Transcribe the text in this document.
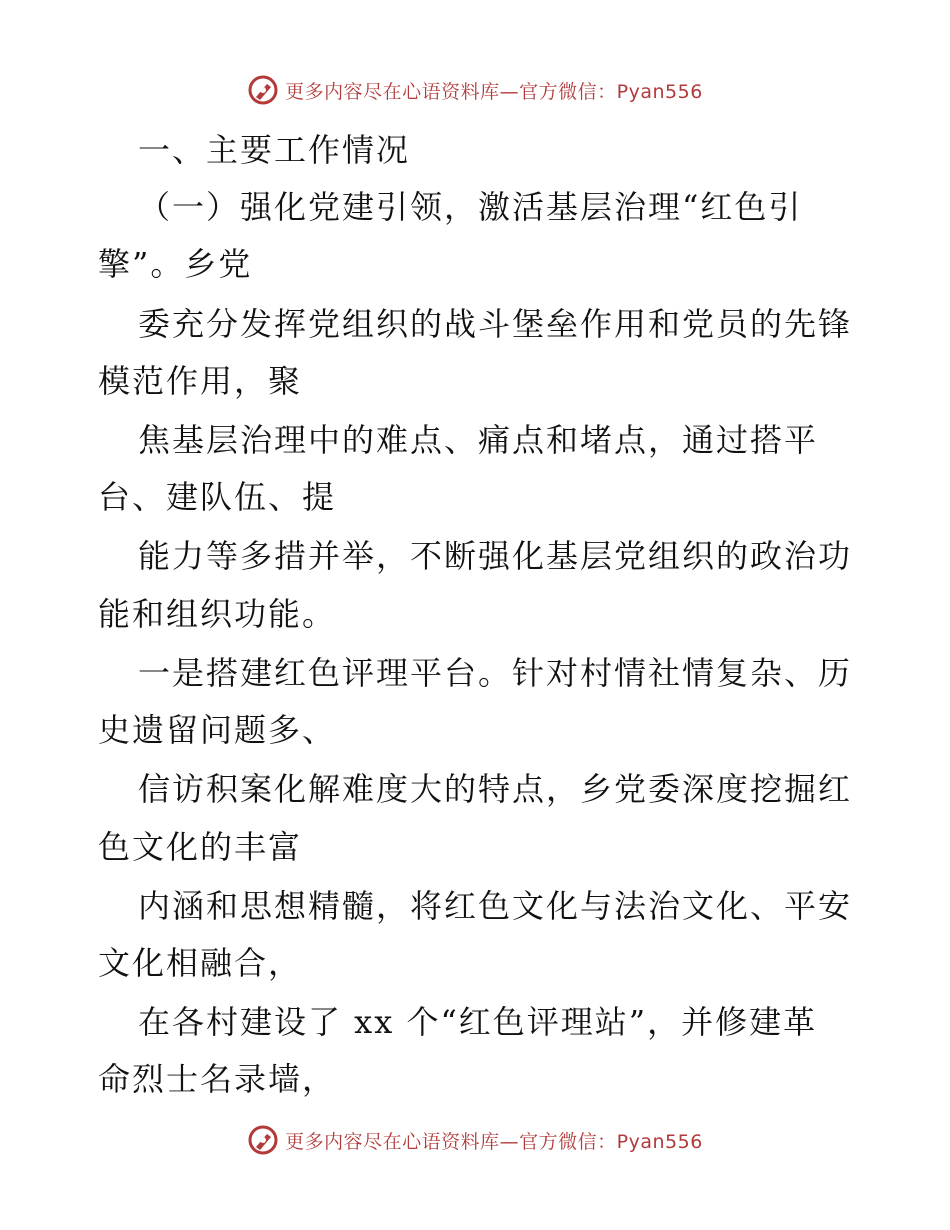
更多内容尽在心语资料库—官方微信：Pyan556
一、主要工作情况
（一）强化党建引领，激活基层治理“红色引
擎”。乡党
委充分发挥党组织的战斗堡垒作用和党员的先锋
模范作用，聚
焦基层治理中的难点、痛点和堵点，通过搭平
台、建队伍、提
能力等多措并举，不断强化基层党组织的政治功
能和组织功能。
一是搭建红色评理平台。针对村情社情复杂、历
史遗留问题多、
信访积案化解难度大的特点，乡党委深度挖掘红
色文化的丰富
内涵和思想精髓，将红色文化与法治文化、平安
文化相融合，
在各村建设了 xx 个“红色评理站”，并修建革
命烈士名录墙，
更多内容尽在心语资料库—官方微信：Pyan556
